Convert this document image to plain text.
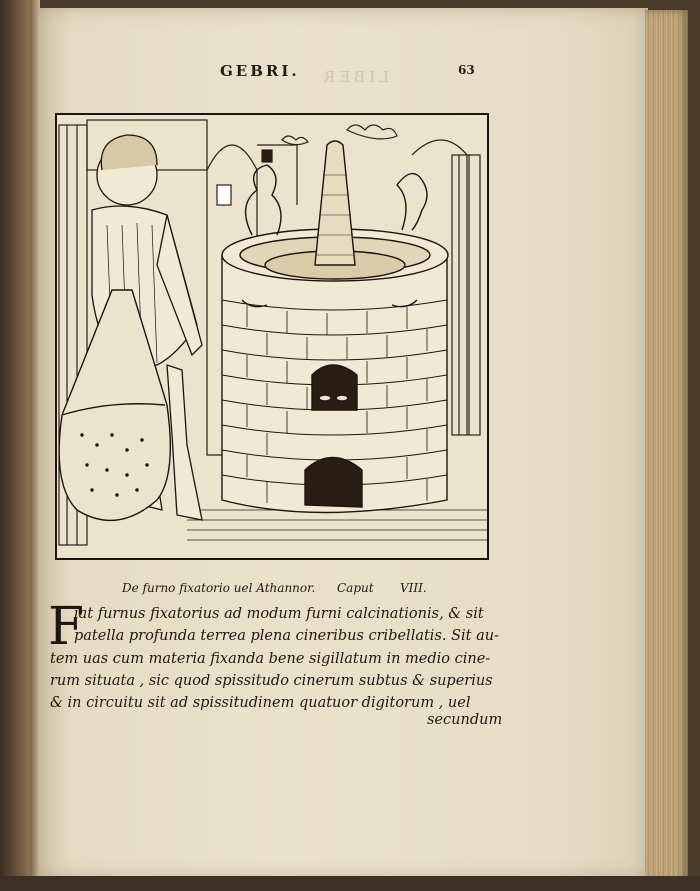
GEBRI.	63
LIBER
De furno fixatorio uel Athannor. Caput VIII.
F
iat furnus fixatorius ad modum furni calcinationis, & sit
patella profunda terrea plena cineribus cribellatis. Sit au-
tem uas cum materia fixanda bene sigillatum in medio cine-
rum situata , sic quod spissitudo cinerum subtus & superius
& in circuitu sit ad spissitudinem quatuor digitorum , uel
secundum
